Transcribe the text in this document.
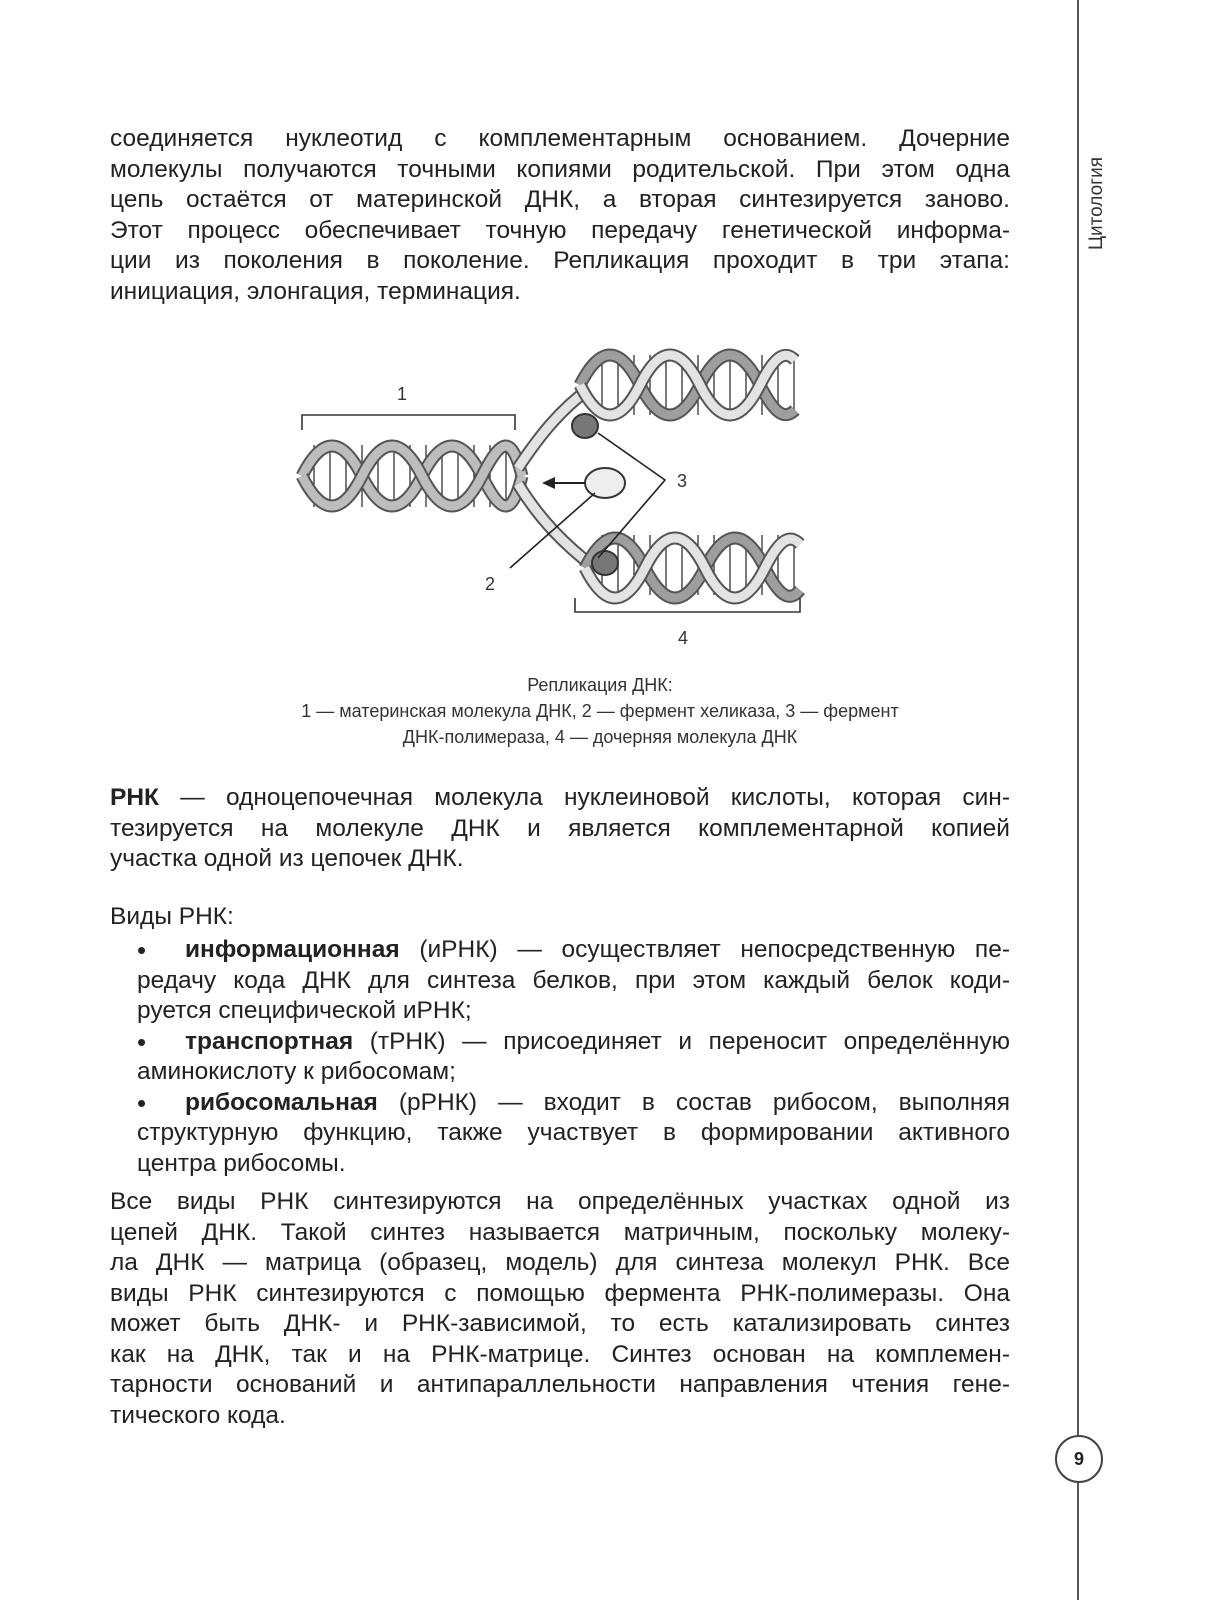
Цитология
9
соединяется нуклеотид с комплементарным основанием. Дочерние
молекулы получаются точными копиями родительской. При этом одна
цепь остаётся от материнской ДНК, а вторая синтезируется заново.
Этот процесс обеспечивает точную передачу генетической информа-
ции из поколения в поколение. Репликация проходит в три этапа:
инициация, элонгация, терминация.
1
2
3
4
Репликация ДНК:
1 — материнская молекула ДНК, 2 — фермент хеликаза, 3 — фермент
ДНК-полимераза, 4 — дочерняя молекула ДНК
РНК — одноцепочечная молекула нуклеиновой кислоты, которая син-
тезируется на молекуле ДНК и является комплементарной копией
участка одной из цепочек ДНК.
Виды РНК:
•	информационная (иРНК) — осуществляет непосредственную пе-
редачу кода ДНК для синтеза белков, при этом каждый белок коди-
руется специфической иРНК;
•	транспортная (тРНК) — присоединяет и переносит определённую
аминокислоту к рибосомам;
•	рибосомальная (рРНК) — входит в состав рибосом, выполняя
структурную функцию, также участвует в формировании активного
центра рибосомы.
Все виды РНК синтезируются на определённых участках одной из
цепей ДНК. Такой синтез называется матричным, поскольку молеку-
ла ДНК — матрица (образец, модель) для синтеза молекул РНК. Все
виды РНК синтезируются с помощью фермента РНК-полимеразы. Она
может быть ДНК- и РНК-зависимой, то есть катализировать синтез
как на ДНК, так и на РНК-матрице. Синтез основан на комплемен-
тарности оснований и антипараллельности направления чтения гене-
тического кода.
